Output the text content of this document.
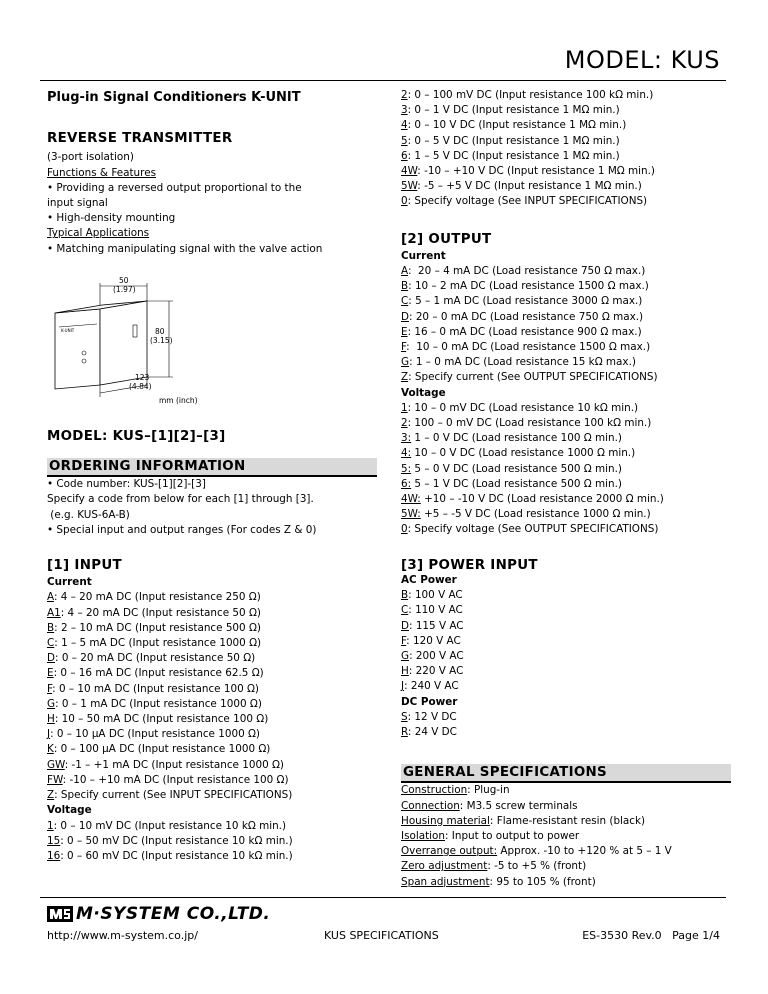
MODEL: KUS
Plug-in Signal Conditioners K-UNIT
REVERSE TRANSMITTER
(3-port isolation)
Functions & Features
• Providing a reversed output proportional to the
input signal
• High-density mounting
Typical Applications
• Matching manipulating signal with the valve action
50
(1.97)
K-UNIT	80
(3.15)
123
(4.84)
mm (inch)
MODEL: KUS–[1][2]–[3]
ORDERING INFORMATION
• Code number: KUS-[1][2]-[3]
Specify a code from below for each [1] through [3].
(e.g. KUS-6A-B)
• Special input and output ranges (For codes Z & 0)
[1] INPUT
Current
A: 4 – 20 mA DC (Input resistance 250 Ω)
A1: 4 – 20 mA DC (Input resistance 50 Ω)
B: 2 – 10 mA DC (Input resistance 500 Ω)
C: 1 – 5 mA DC (Input resistance 1000 Ω)
D: 0 – 20 mA DC (Input resistance 50 Ω)
E: 0 – 16 mA DC (Input resistance 62.5 Ω)
F: 0 – 10 mA DC (Input resistance 100 Ω)
G: 0 – 1 mA DC (Input resistance 1000 Ω)
H: 10 – 50 mA DC (Input resistance 100 Ω)
J: 0 – 10 μA DC (Input resistance 1000 Ω)
K: 0 – 100 μA DC (Input resistance 1000 Ω)
GW: -1 – +1 mA DC (Input resistance 1000 Ω)
FW: -10 – +10 mA DC (Input resistance 100 Ω)
Z: Specify current (See INPUT SPECIFICATIONS)
Voltage
1: 0 – 10 mV DC (Input resistance 10 kΩ min.)
15: 0 – 50 mV DC (Input resistance 10 kΩ min.)
16: 0 – 60 mV DC (Input resistance 10 kΩ min.)
2: 0 – 100 mV DC (Input resistance 100 kΩ min.)
3: 0 – 1 V DC (Input resistance 1 MΩ min.)
4: 0 – 10 V DC (Input resistance 1 MΩ min.)
5: 0 – 5 V DC (Input resistance 1 MΩ min.)
6: 1 – 5 V DC (Input resistance 1 MΩ min.)
4W: -10 – +10 V DC (Input resistance 1 MΩ min.)
5W: -5 – +5 V DC (Input resistance 1 MΩ min.)
0: Specify voltage (See INPUT SPECIFICATIONS)
[2] OUTPUT
Current
A:  20 – 4 mA DC (Load resistance 750 Ω max.)
B: 10 – 2 mA DC (Load resistance 1500 Ω max.)
C: 5 – 1 mA DC (Load resistance 3000 Ω max.)
D: 20 – 0 mA DC (Load resistance 750 Ω max.)
E: 16 – 0 mA DC (Load resistance 900 Ω max.)
F:  10 – 0 mA DC (Load resistance 1500 Ω max.)
G: 1 – 0 mA DC (Load resistance 15 kΩ max.)
Z: Specify current (See OUTPUT SPECIFICATIONS)
Voltage
1: 10 – 0 mV DC (Load resistance 10 kΩ min.)
2: 100 – 0 mV DC (Load resistance 100 kΩ min.)
3: 1 – 0 V DC (Load resistance 100 Ω min.)
4: 10 – 0 V DC (Load resistance 1000 Ω min.)
5: 5 – 0 V DC (Load resistance 500 Ω min.)
6: 5 – 1 V DC (Load resistance 500 Ω min.)
4W: +10 – -10 V DC (Load resistance 2000 Ω min.)
5W: +5 – -5 V DC (Load resistance 1000 Ω min.)
0: Specify voltage (See OUTPUT SPECIFICATIONS)
[3] POWER INPUT
AC Power
B: 100 V AC
C: 110 V AC
D: 115 V AC
F: 120 V AC
G: 200 V AC
H: 220 V AC
J: 240 V AC
DC Power
S: 12 V DC
R: 24 V DC
GENERAL SPECIFICATIONS
Construction: Plug-in
Connection: M3.5 screw terminals
Housing material: Flame-resistant resin (black)
Isolation: Input to output to power
Overrange output: Approx. -10 to +120 % at 5 – 1 V
Zero adjustment: -5 to +5 % (front)
Span adjustment: 95 to 105 % (front)
M·SYSTEM CO.,LTD.
http://www.m-system.co.jp/	KUS SPECIFICATIONS	ES-3530 Rev.0   Page 1/4
